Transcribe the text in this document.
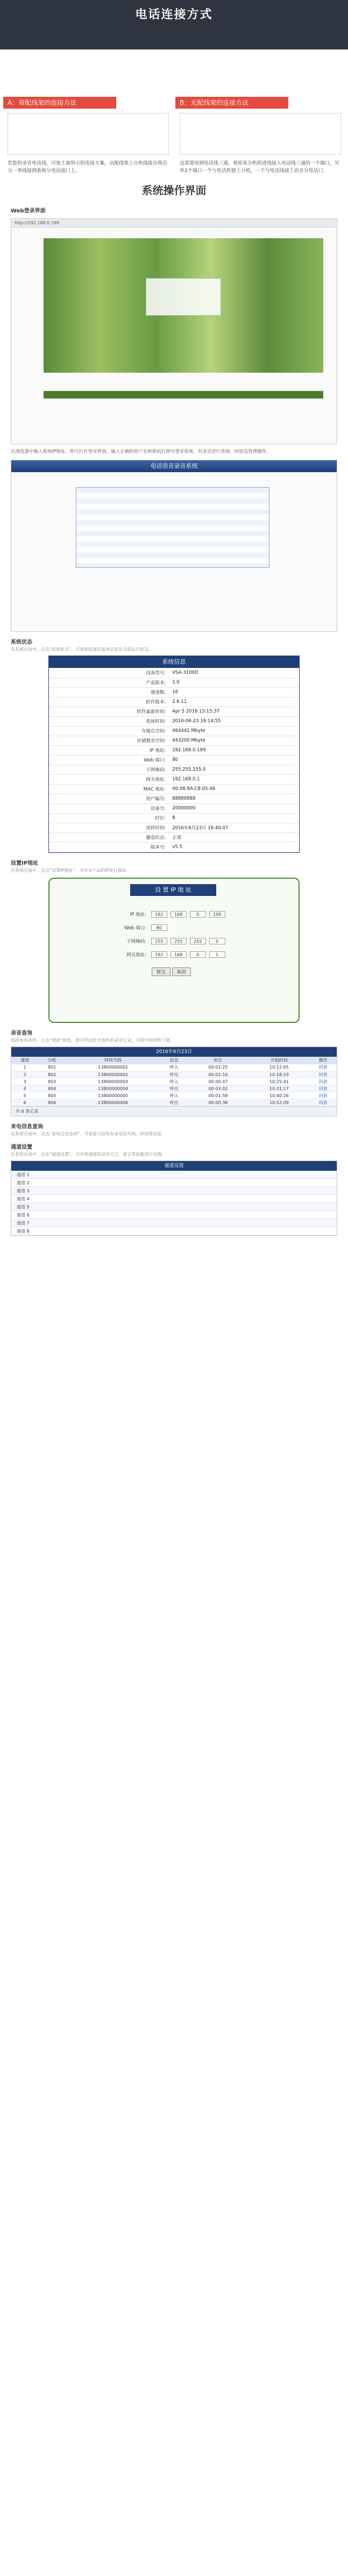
电话连接方式
A：带配线架的连接方法	B：无配线架的连接方法
若您的录音电话线，可加上面所示的连接方案，从配线架上分机线接出两芯分一条线接到系统分电话接口上。
这需要用到电话线三通，将原来分机的进线接入电话线三通的一个端口，另外2个端口一个与电话机链上分机，一个与电话线接上语音分电话口。
系统操作界面
Web登录界面
http://192.168.0.199
在浏览器中输入系统IP地址，即可打开登录界面。输入正确的用户名和密码后即可登录系统，对录音进行查询、回放及管理操作。
电话语音录音系统
系统状态
在系统页面中，点击“系统状态”，可看到设备的基本信息及当前运行状态。
系统信息
设备型号:	VSA-3100D
产品版本:	1.0
通道数:	16
软件版本:	2.6.11
软件最新时间:	Apr 5 2016 15:15:37
系统时间:	2016-06-23 16:14:55
存储总空间:	464442 Mbyte
存储剩余空间:	443200 Mbyte
IP 地址:	192.168.0.199
Web 端口:	80
子网掩码:	255.255.255.0
网关地址:	192.168.0.1
MAC 地址:	00:08:8A:C8:05:46
用户编号:	88888888
设备号:	20000000
时区:	8
流转时间:	2016年6月23日 16:40:07
播盘状态:	正常
版本号:	v5.5
设置IP地址
在系统页面中，点击“设置IP地址”，可对本产品的IP进行修改。
设 置 IP 地 址
IP 地址: 192	168	0	199
Web 端口: 80
子网掩码: 255	255	255	0
网关地址: 192	168	0	1
提交 取消
录音查询
选择查询条件，点击“搜索”按钮，即可列出符合条件的录音记录，可进行回放和下载。
2016年6月23日
通道	分机	呼叫号码	状态	时长	开始时间	操作
1	801	13800000001	呼入	00:01:25	10:12:05	回放
2	802	13800000002	呼出	00:02:10	10:18:33	回放
3	803	13800000003	呼入	00:00:47	10:25:41	回放
4	804	13800000004	呼出	00:03:02	10:31:17	回放
5	805	13800000005	呼入	00:01:58	10:40:26	回放
6	806	13800000006	呼出	00:00:36	10:52:09	回放
共 6 条记录
来电信息查询
在系统页面中，点击“来电信息查询”，可查看当前所有来电的号码、时间等信息。
通道设置
在系统页面中，点击“通道设置”，可对各通道的录音方式、留言等参数进行设置。
通道设置
通道 1
通道 2
通道 3
通道 4
通道 5
通道 6
通道 7
通道 8
